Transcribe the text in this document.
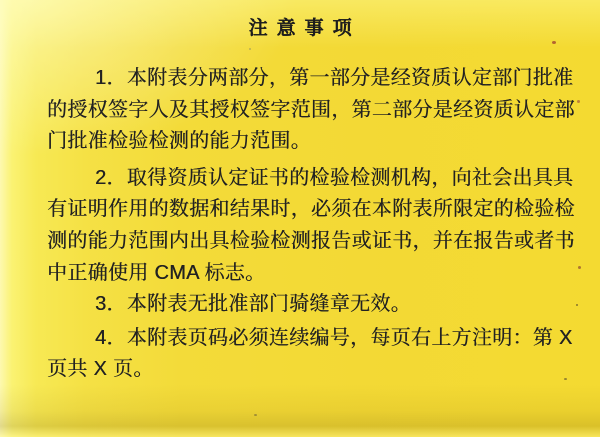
注意事项

1．本附表分两部分，第一部分是经资质认定部门批准
的授权签字人及其授权签字范围，第二部分是经资质认定部
门批准检验检测的能力范围。

2．取得资质认定证书的检验检测机构，向社会出具具
有证明作用的数据和结果时，必须在本附表所限定的检验检
测的能力范围内出具检验检测报告或证书，并在报告或者书
中正确使用 CMA 标志。

3．本附表无批准部门骑缝章无效。

4．本附表页码必须连续编号，每页右上方注明：第 X
页共 X 页。
